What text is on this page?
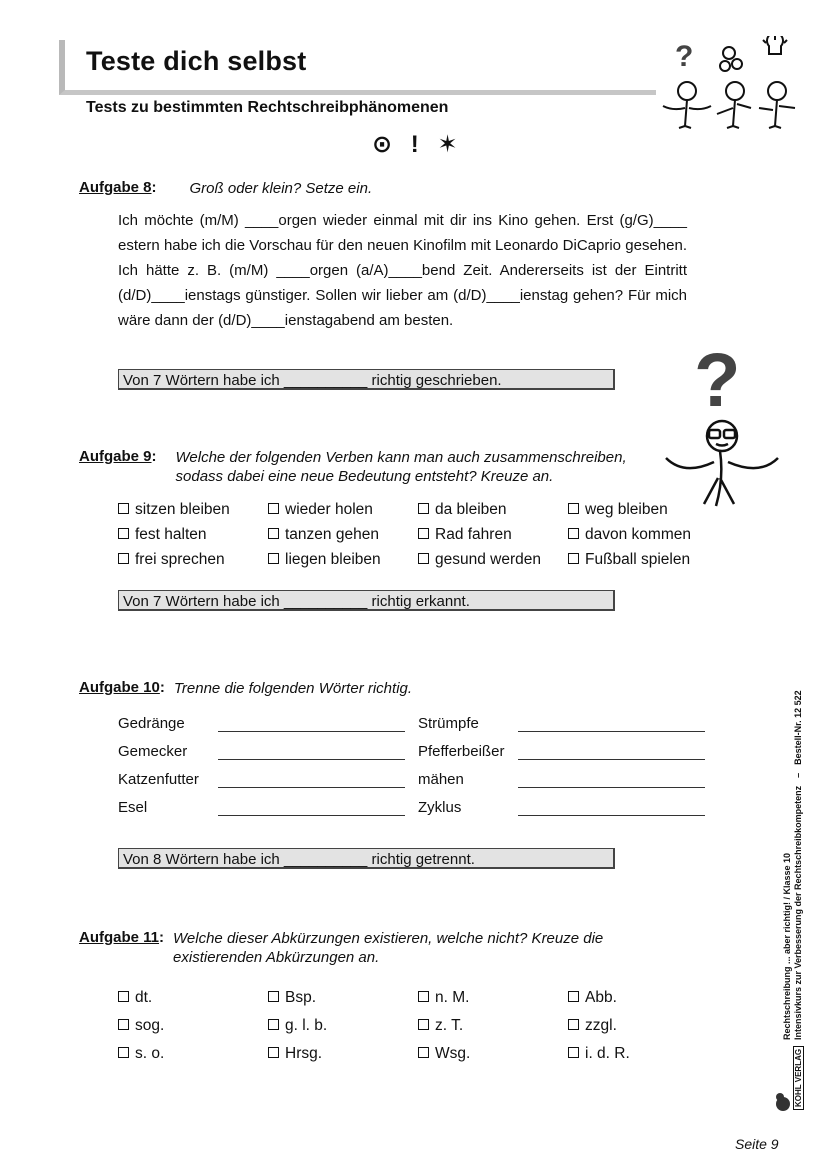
Teste dich selbst
Tests zu bestimmten Rechtschreibphänomenen
⊙ ! ✶
?
Aufgabe 8 :	Groß oder klein? Setze ein.
Ich möchte (m/M) ____orgen wieder einmal mit dir ins Kino gehen. Erst (g/G)____ estern habe ich die Vorschau für den neuen Kinofilm mit Leonardo DiCaprio gesehen. Ich hätte z. B. (m/M) ____orgen (a/A)____bend Zeit. Andererseits ist der Eintritt (d/D)____ienstags günstiger. Sollen wir lieber am (d/D)____ienstag gehen? Für mich wäre dann der (d/D)____ienstagabend am besten.
Von 7 Wörtern habe ich __________ richtig geschrieben.	?
Aufgabe 9 :	Welche der folgenden Verben kann man auch zusammenschreiben,
sodass dabei eine neue Bedeutung entsteht? Kreuze an.
sitzen bleiben	wieder holen	da bleiben	weg bleiben
fest halten	tanzen gehen	Rad fahren	davon kommen
frei sprechen	liegen bleiben	gesund werden	Fußball spielen
Von 7 Wörtern habe ich __________ richtig erkannt.
Aufgabe 10 : Trenne die folgenden Wörter richtig.
Gedränge	Strümpfe
Gemecker	Pfefferbeißer
Katzenfutter	mähen
Esel	Zyklus
Von 8 Wörtern habe ich __________ richtig getrennt.
Aufgabe 11 : Welche dieser Abkürzungen existieren, welche nicht? Kreuze die
existierenden Abkürzungen an.
dt.	Bsp.	n. M.	Abb.
sog.	g. l. b.	z. T.	zzgl.
s. o.	Hrsg.	Wsg.	i. d. R.
Rechtschreibung ... aber richtig! / Klasse 10 Intensivkurs zur Verbesserung der Rechtschreibkompetenz
–
Bestell-Nr. 12 522
KOHL VERLAG
Seite 9
